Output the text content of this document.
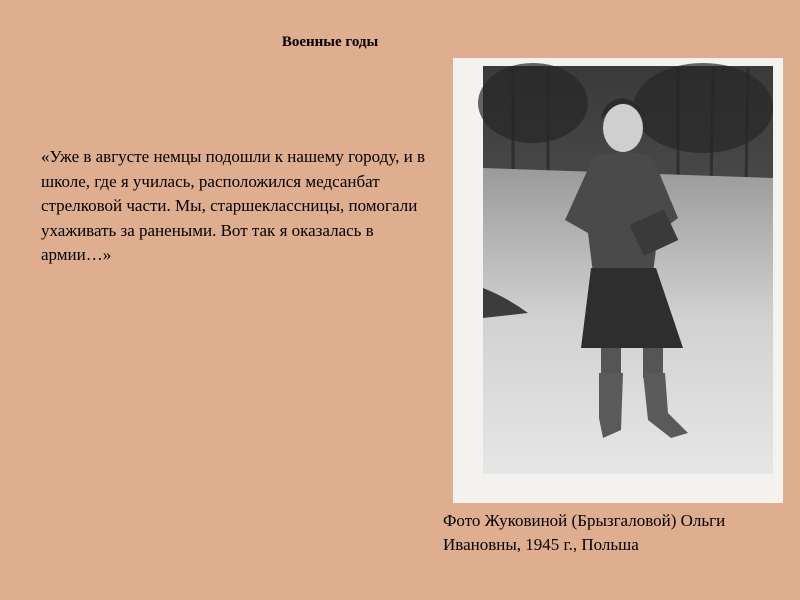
Военные годы
«Уже в августе немцы подошли к нашему городу, и в школе, где я училась, расположился медсанбат стрелковой части. Мы, старшеклассницы, помогали ухаживать за ранеными. Вот так я оказалась в армии…»
Фото Жуковиной (Брызгаловой) Ольги Ивановны, 1945 г., Польша
